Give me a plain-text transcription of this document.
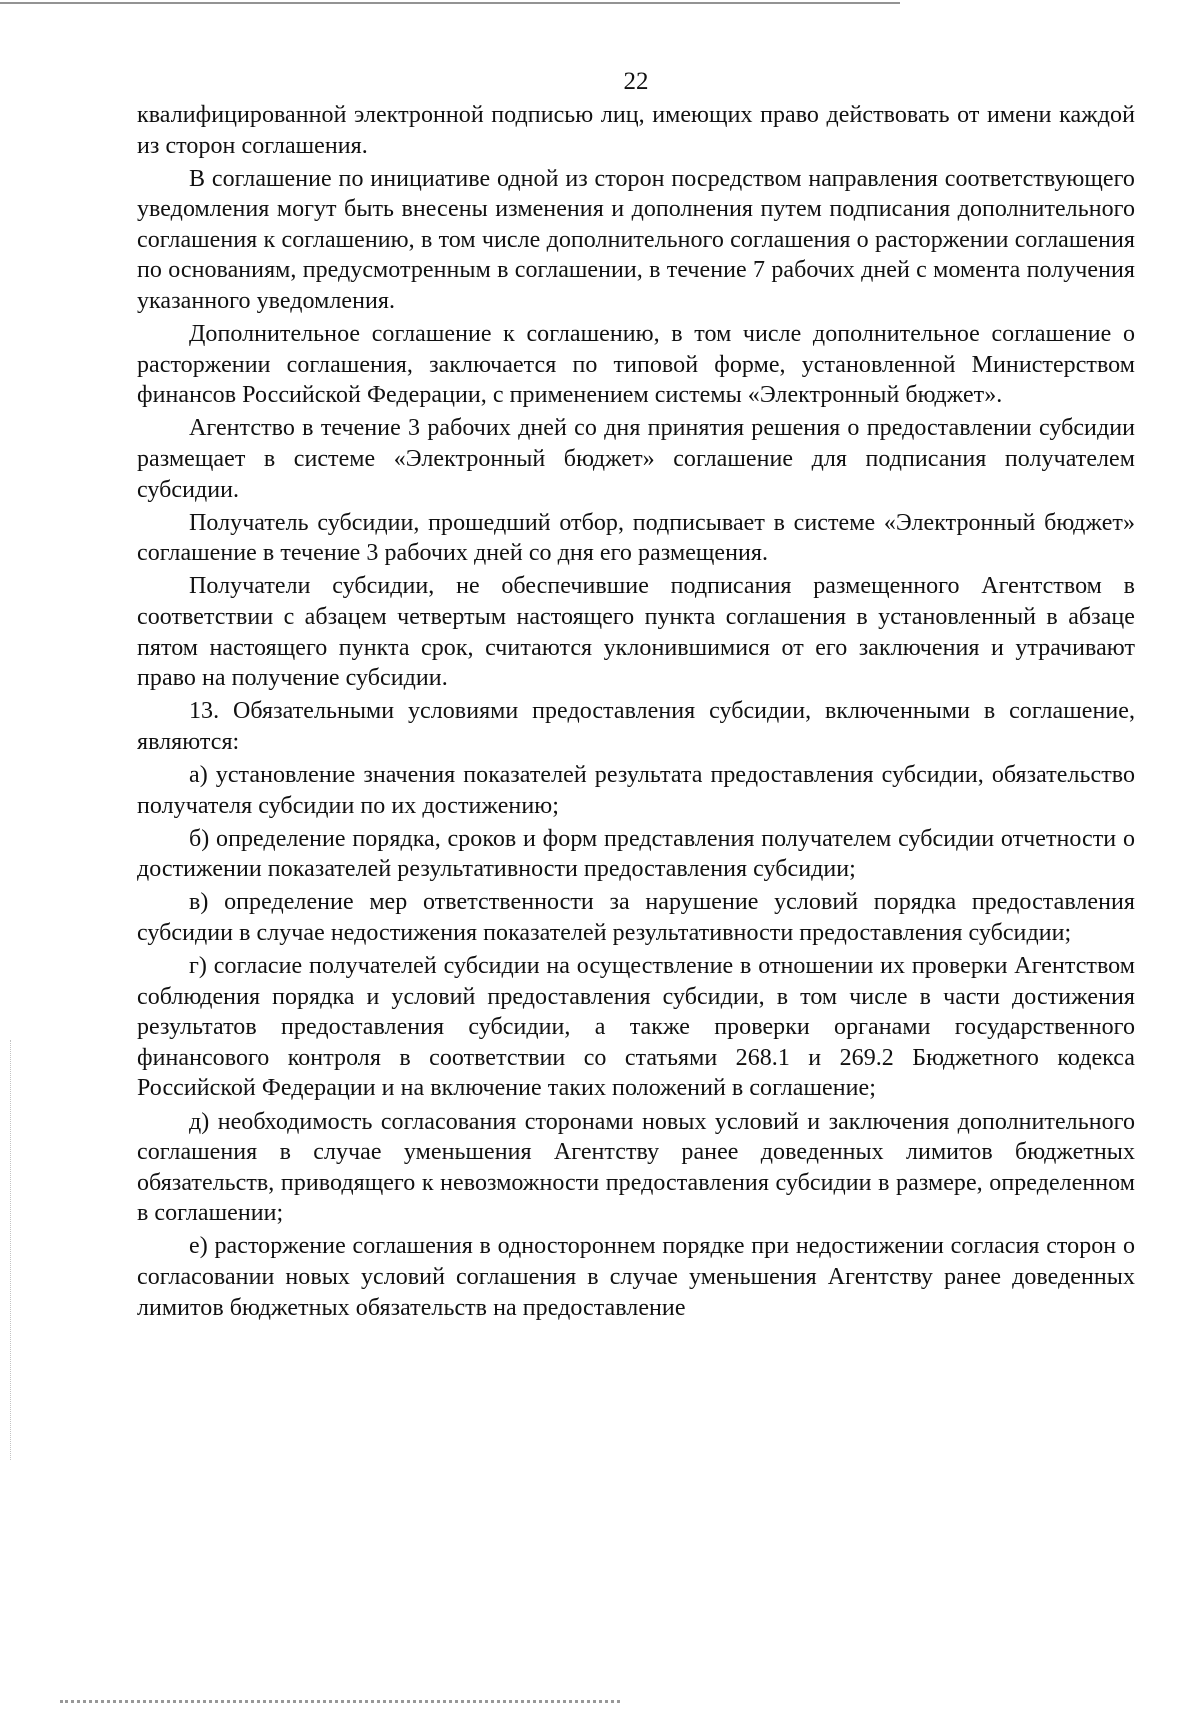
22

квалифицированной электронной подписью лиц, имеющих право действовать от имени каждой из сторон соглашения.

В соглашение по инициативе одной из сторон посредством направления соответствующего уведомления могут быть внесены изменения и дополнения путем подписания дополнительного соглашения к соглашению, в том числе дополнительного соглашения о расторжении соглашения по основаниям, предусмотренным в соглашении, в течение 7 рабочих дней с момента получения указанного уведомления.

Дополнительное соглашение к соглашению, в том числе дополнительное соглашение о расторжении соглашения, заключается по типовой форме, установленной Министерством финансов Российской Федерации, с применением системы «Электронный бюджет».

Агентство в течение 3 рабочих дней со дня принятия решения о предоставлении субсидии размещает в системе «Электронный бюджет» соглашение для подписания получателем субсидии.

Получатель субсидии, прошедший отбор, подписывает в системе «Электронный бюджет» соглашение в течение 3 рабочих дней со дня его размещения.

Получатели субсидии, не обеспечившие подписания размещенного Агентством в соответствии с абзацем четвертым настоящего пункта соглашения в установленный в абзаце пятом настоящего пункта срок, считаются уклонившимися от его заключения и утрачивают право на получение субсидии.

13. Обязательными условиями предоставления субсидии, включенными в соглашение, являются:

а) установление значения показателей результата предоставления субсидии, обязательство получателя субсидии по их достижению;

б) определение порядка, сроков и форм представления получателем субсидии отчетности о достижении показателей результативности предоставления субсидии;

в) определение мер ответственности за нарушение условий порядка предоставления субсидии в случае недостижения показателей результативности предоставления субсидии;

г) согласие получателей субсидии на осуществление в отношении их проверки Агентством соблюдения порядка и условий предоставления субсидии, в том числе в части достижения результатов предоставления субсидии, а также проверки органами государственного финансового контроля в соответствии со статьями 268.1 и 269.2 Бюджетного кодекса Российской Федерации и на включение таких положений в соглашение;

д) необходимость согласования сторонами новых условий и заключения дополнительного соглашения в случае уменьшения Агентству ранее доведенных лимитов бюджетных обязательств, приводящего к невозможности предоставления субсидии в размере, определенном в соглашении;

е) расторжение соглашения в одностороннем порядке при недостижении согласия сторон о согласовании новых условий соглашения в случае уменьшения Агентству ранее доведенных лимитов бюджетных обязательств на предоставление
